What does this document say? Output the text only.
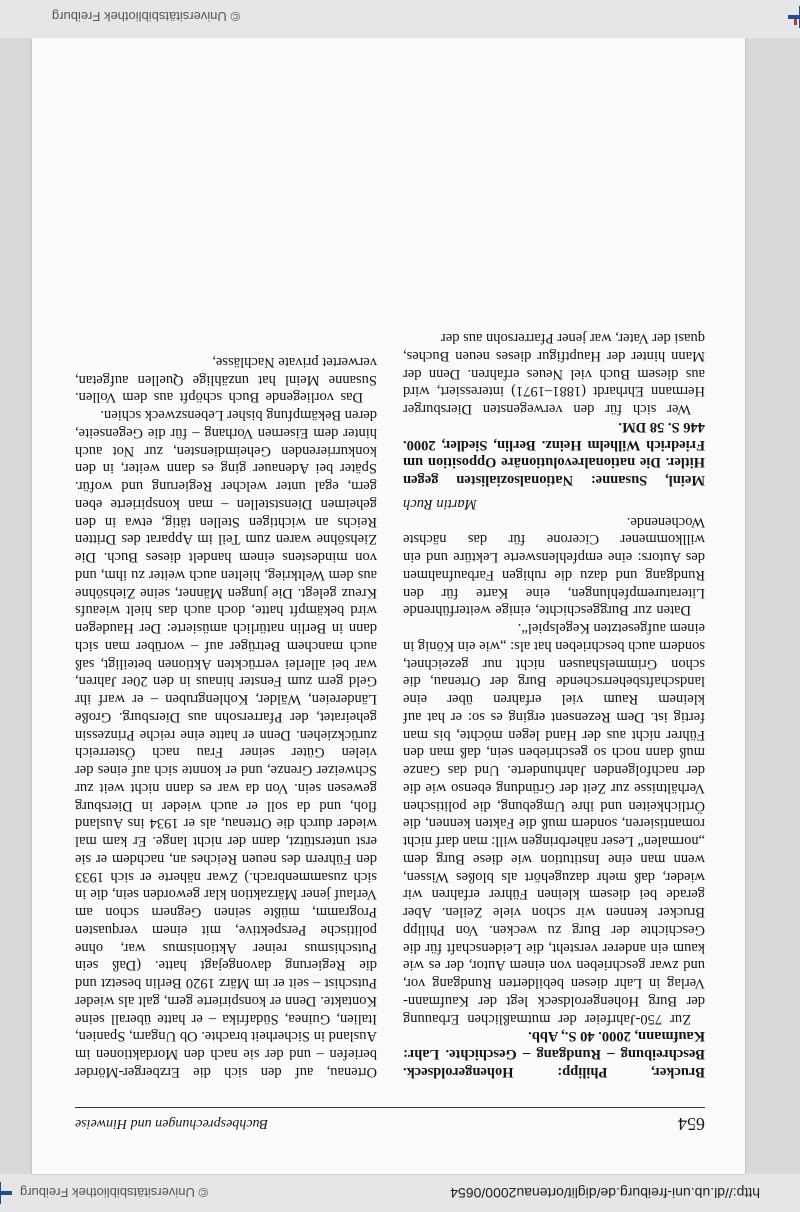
http://dl.ub.uni-freiburg.de/diglit/ortenau2000/0654
© Universitätsbibliothek Freiburg
654
Buchbesprechungen und Hinweise

Brucker, Philipp: Hohengeroldseck. Beschreibung – Rundgang – Geschichte. Lahr: Kaufmann, 2000. 40 S., Abb.

Zur 750-Jahrfeier der mutmaßlichen Erbauung der Burg Hohengeroldseck legt der Kaufmann-Verlag in Lahr diesen bebilderten Rundgang vor, und zwar geschrieben von einem Autor, der es wie kaum ein anderer versteht, die Leidenschaft für die Geschichte der Burg zu wecken. Von Philipp Brucker kennen wir schon viele Zeilen. Aber gerade bei diesem kleinen Führer erfahren wir wieder, daß mehr dazugehört als bloßes Wissen, wenn man eine Institution wie diese Burg dem „normalen“ Leser näherbringen will: man darf nicht romantisieren, sondern muß die Fakten kennen, die Örtlichkeiten und ihre Umgebung, die politischen Verhältnisse zur Zeit der Gründung ebenso wie die der nachfolgenden Jahrhunderte. Und das Ganze muß dann noch so geschrieben sein, daß man den Führer nicht aus der Hand legen möchte, bis man fertig ist. Dem Rezensent erging es so: er hat auf kleinem Raum viel erfahren über eine landschaftsbeherrschende Burg der Ortenau, die schon Grimmelshausen nicht nur gezeichnet, sondern auch beschrieben hat als: „wie ein König in einem aufgesetzten Kegelspiel“.

Daten zur Burggeschichte, einige weiterführende Literaturempfehlungen, eine Karte für den Rundgang und dazu die ruhigen Farbaufnahmen des Autors: eine empfehlenswerte Lektüre und ein willkommener Cicerone für das nächste Wochenende.

Martin Ruch

Meinl, Susanne: Nationalsozialisten gegen Hitler. Die nationalrevolutionäre Opposition um Friedrich Wilhelm Heinz. Berlin, Siedler, 2000. 446 S. 58 DM.

Wer sich für den verwegensten Diersburger Hermann Ehrhardt (1881–1971) interessiert, wird aus diesem Buch viel Neues erfahren. Denn der Mann hinter der Hauptfigur dieses neuen Buches, quasi der Vater, war jener Pfarrersohn aus der

Ortenau, auf den sich die Erzberger-Mörder beriefen – und der sie nach den Mordaktionen im Ausland in Sicherheit brachte. Ob Ungarn, Spanien, Italien, Guinea, Südafrika – er hatte überall seine Kontakte. Denn er konspirierte gern, galt als wieder Putschist – seit er im März 1920 Berlin besetzt und die Regierung davongejagt hatte. (Daß sein Putschismus reiner Aktionismus war, ohne politische Perspektive, mit einem verquasten Programm, müßte seinen Gegnern schon am Verlauf jener Märzaktion klar geworden sein, die in sich zusammenbrach.) Zwar näherte er sich 1933 den Führern des neuen Reiches an, nachdem er sie erst unterstützt, dann der nicht lange. Er kam mal wieder durch die Ortenau, als er 1934 ins Ausland floh, und da soll er auch wieder in Diersburg gewesen sein. Von da war es dann nicht weit zur Schweizer Grenze, und er konnte sich auf eines der vielen Güter seiner Frau nach Österreich zurückziehen. Denn er hatte eine reiche Prinzessin geheiratet, der Pfarrersohn aus Diersburg. Große Ländereien, Wälder, Kohlengruben – er warf ihr Geld gern zum Fenster hinaus in den 20er Jahren, war bei allerlei verrückten Aktionen beteiligt, saß auch manchem Betrüger auf – worüber man sich dann in Berlin natürlich amüsierte: Der Haudegen wird bekämpft hatte, doch auch das hielt wieaufs Kreuz gelegt. Die jungen Männer, seine Ziehsöhne aus dem Weltkrieg, hielten auch weiter zu ihm, und von mindestens einem handelt dieses Buch. Die Ziehsöhne waren zum Teil im Apparat des Dritten Reichs an wichtigen Stellen tätig, etwa in den geheimen Dienststellen – man konspirierte eben gern, egal unter welcher Regierung und wofür. Später bei Adenauer ging es dann weiter, in den konkurrierenden Geheimdiensten, zur Not auch hinter dem Eisernen Vorhang – für die Gegenseite, deren Bekämpfung bisher Lebenszweck schien.

Das vorliegende Buch schöpft aus dem Vollen. Susanne Meinl hat unzählige Quellen aufgetan, verwertet private Nachlässe,

© Universitätsbibliothek Freiburg
